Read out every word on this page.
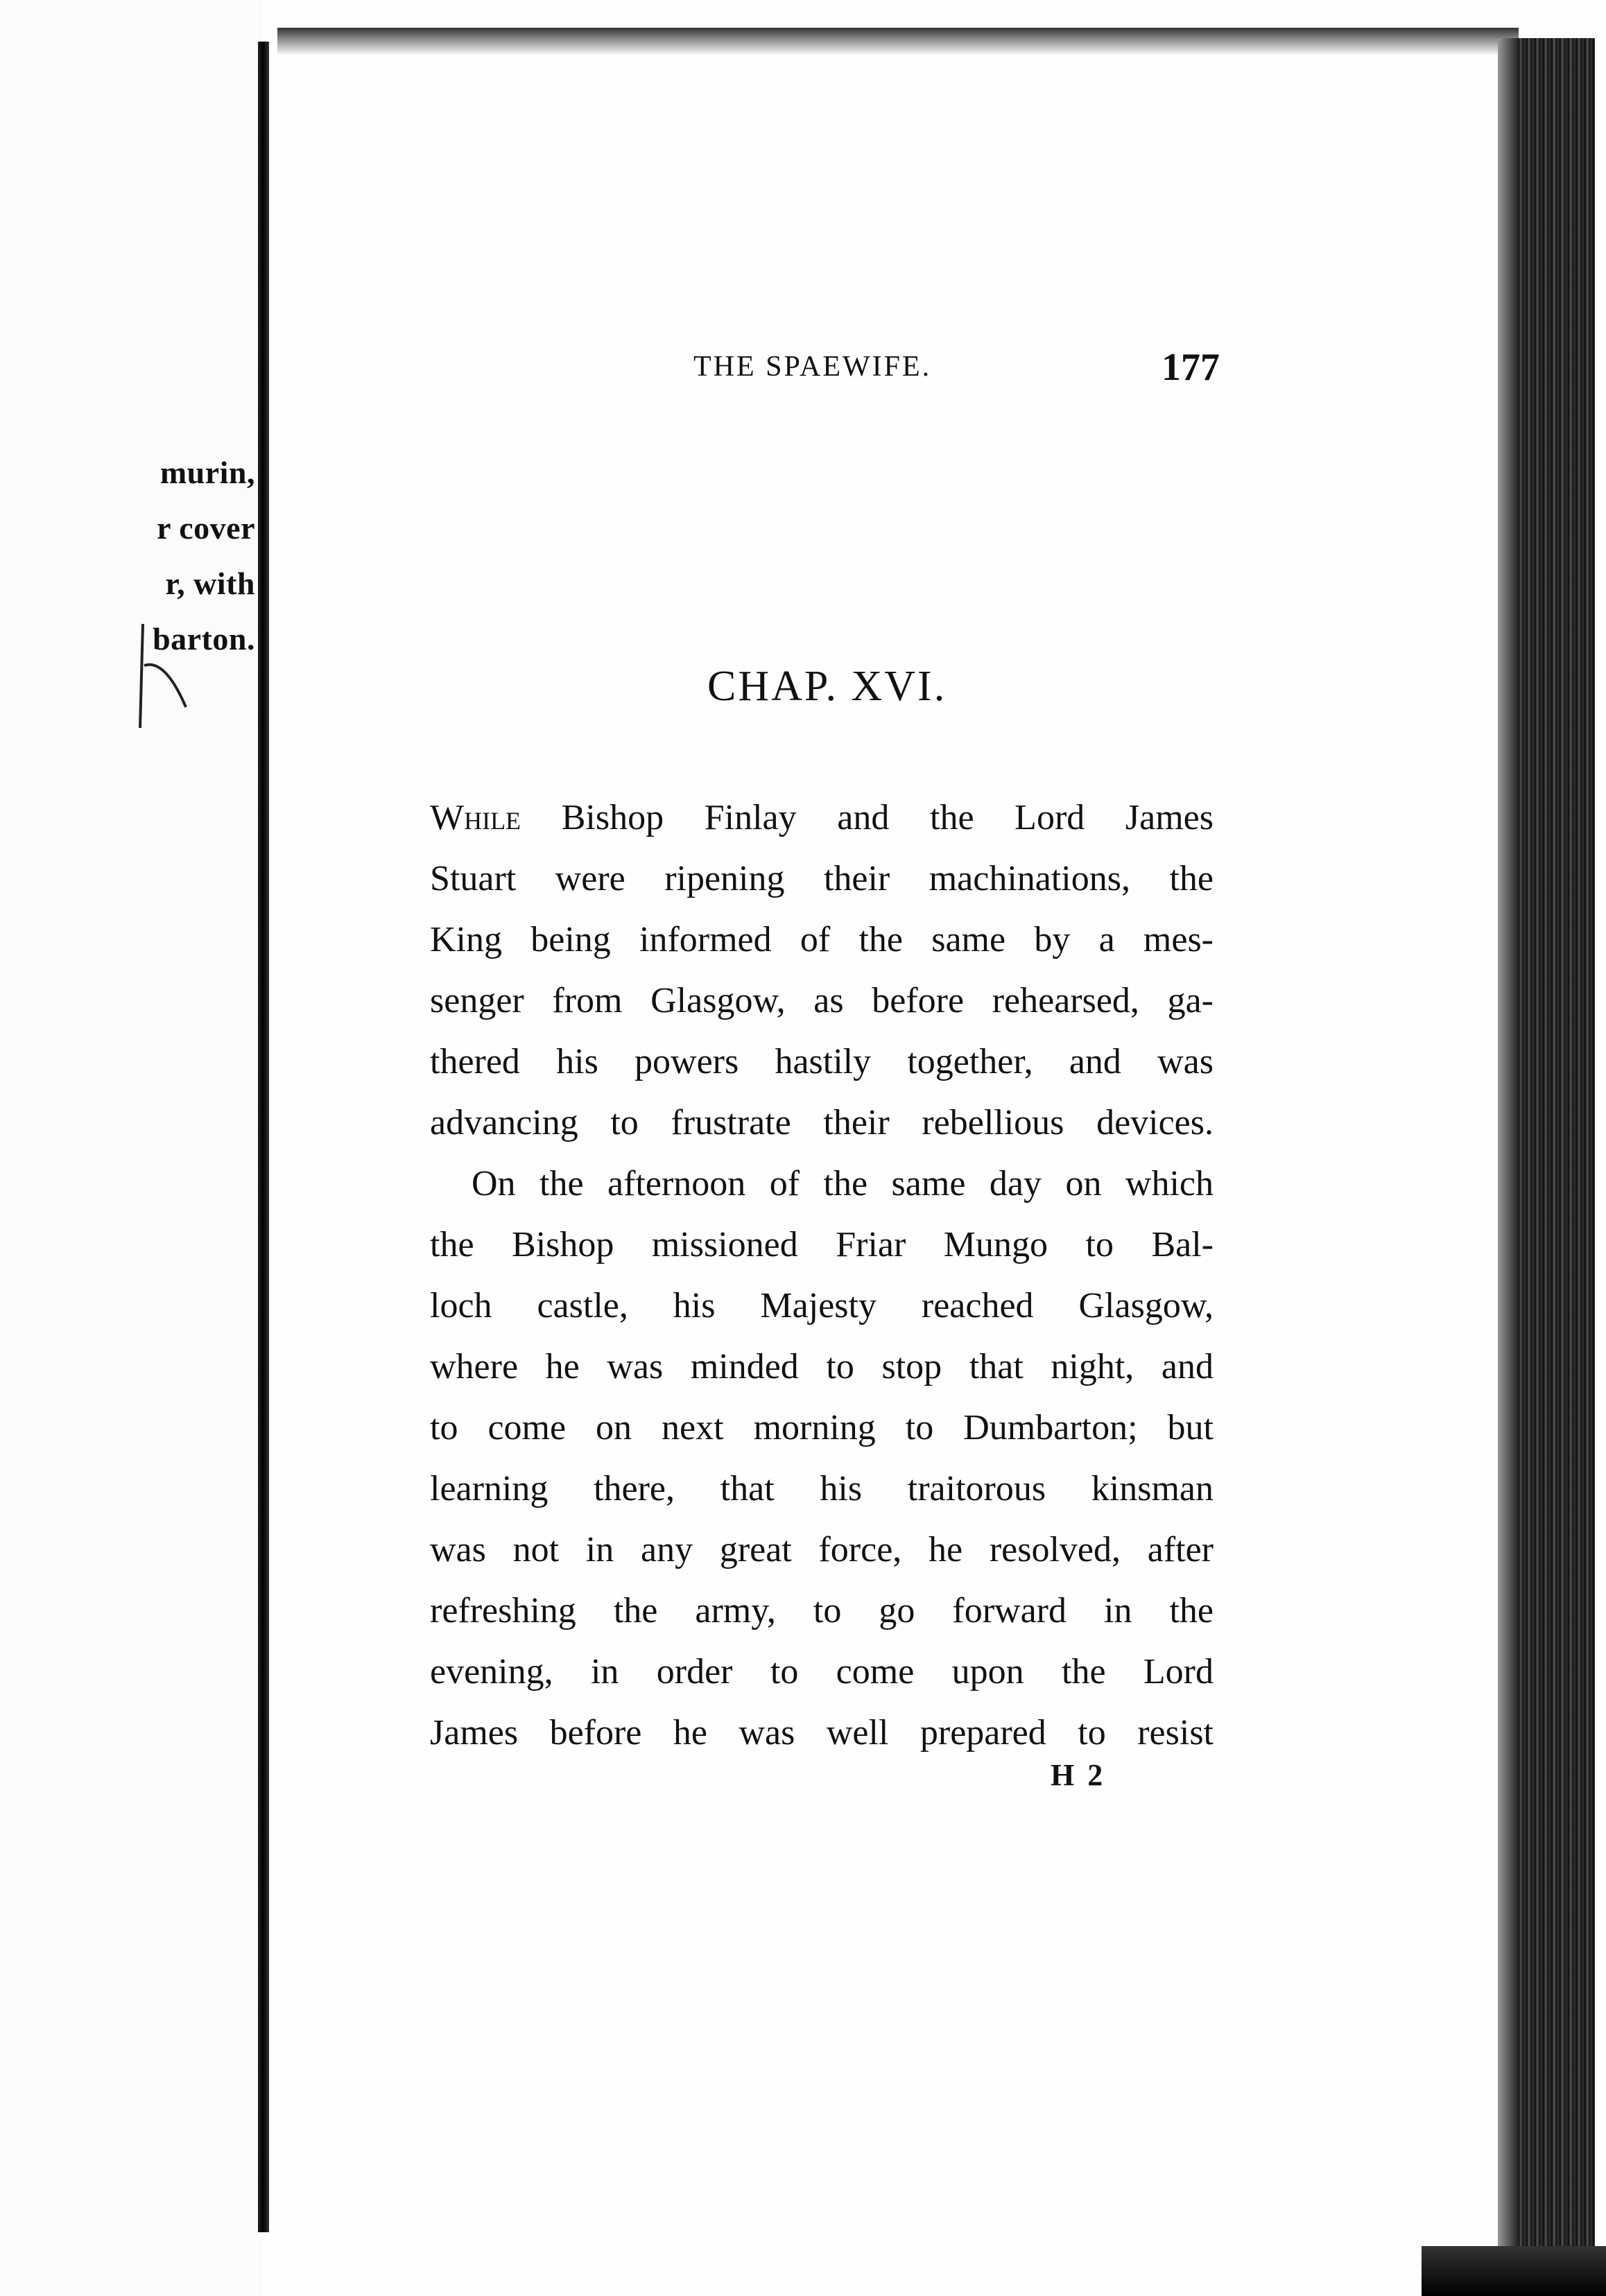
murin,
r cover
r, with
barton.
THE SPAEWIFE.	177
CHAP. XVI.
While Bishop Finlay and the Lord James
Stuart were ripening their machinations, the
King being informed of the same by a mes-
senger from Glasgow, as before rehearsed, ga-
thered his powers hastily together, and was
advancing to frustrate their rebellious devices.
On the afternoon of the same day on which
the Bishop missioned Friar Mungo to Bal-
loch castle, his Majesty reached Glasgow,
where he was minded to stop that night, and
to come on next morning to Dumbarton; but
learning there, that his traitorous kinsman
was not in any great force, he resolved, after
refreshing the army, to go forward in the
evening, in order to come upon the Lord
James before he was well prepared to resist
H 2
